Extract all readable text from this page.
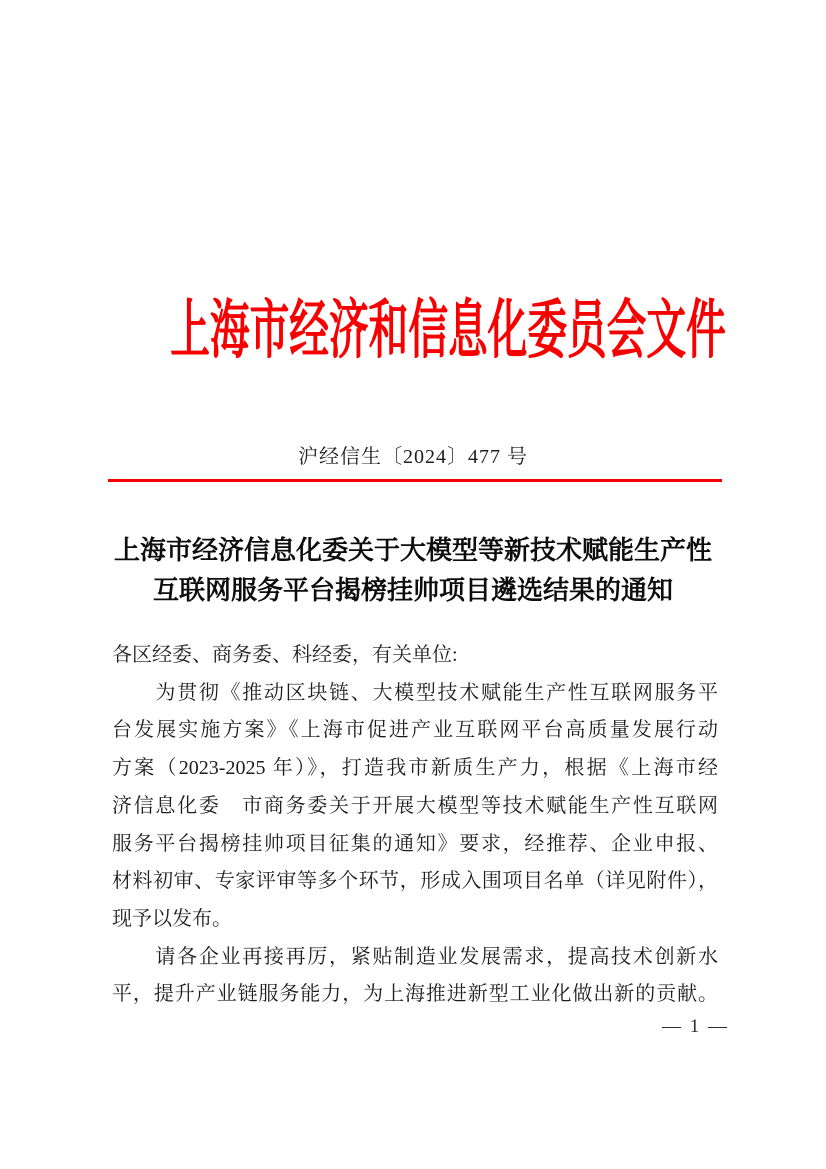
上海市经济和信息化委员会文件
沪经信生〔2024〕477 号
上海市经济信息化委关于大模型等新技术赋能生产性
互联网服务平台揭榜挂帅项目遴选结果的通知
各区经委、商务委、科经委，有关单位:
　　为贯彻《推动区块链、大模型技术赋能生产性互联网服务平
台发展实施方案》《上海市促进产业互联网平台高质量发展行动
方案（2023-2025 年）》，打造我市新质生产力，根据《上海市经
济信息化委　市商务委关于开展大模型等技术赋能生产性互联网
服务平台揭榜挂帅项目征集的通知》要求，经推荐、企业申报、
材料初审、专家评审等多个环节，形成入围项目名单（详见附件），
现予以发布。
　　请各企业再接再厉，紧贴制造业发展需求，提高技术创新水
平，提升产业链服务能力，为上海推进新型工业化做出新的贡献。
— 1 —
